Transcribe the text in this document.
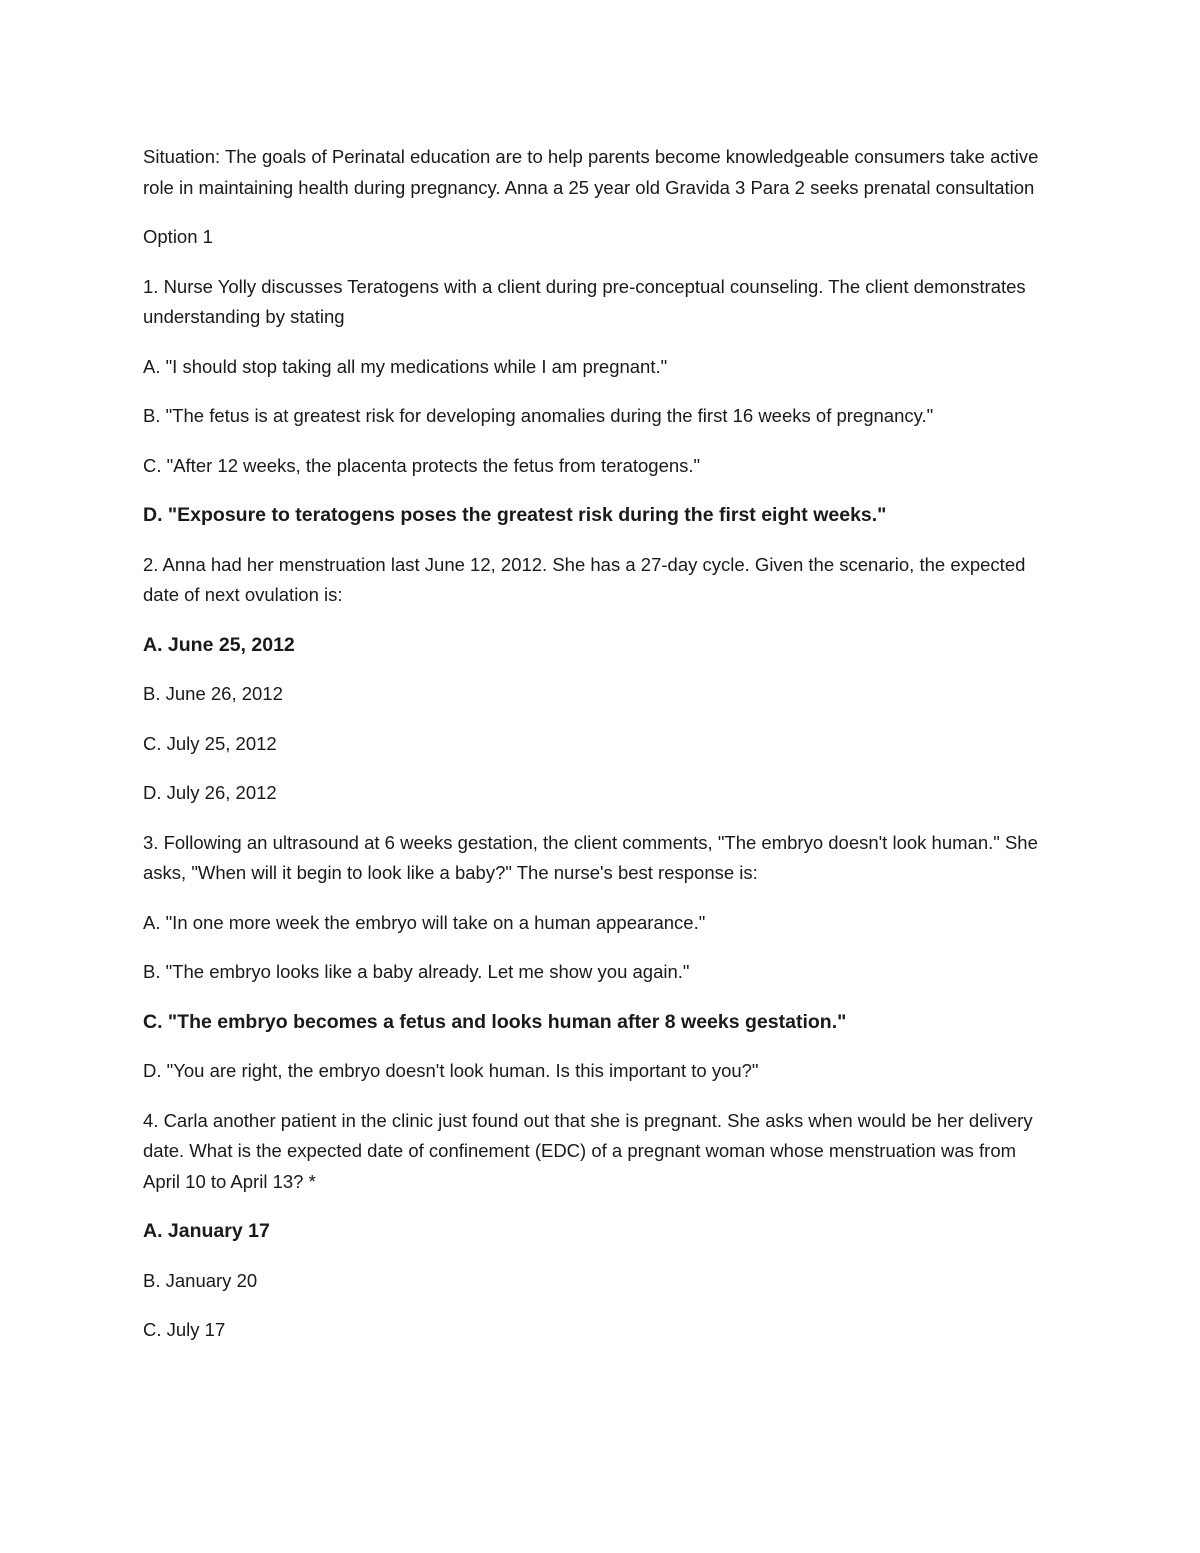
Situation: The goals of Perinatal education are to help parents become knowledgeable consumers take active role in maintaining health during pregnancy. Anna a 25 year old Gravida 3 Para 2 seeks prenatal consultation

Option 1

1. Nurse Yolly discusses Teratogens with a client during pre-conceptual counseling. The client demonstrates understanding by stating

A. "I should stop taking all my medications while I am pregnant."

B. "The fetus is at greatest risk for developing anomalies during the first 16 weeks of pregnancy."

C. "After 12 weeks, the placenta protects the fetus from teratogens."

D. "Exposure to teratogens poses the greatest risk during the first eight weeks."

2. Anna had her menstruation last June 12, 2012. She has a 27-day cycle. Given the scenario, the expected date of next ovulation is:

A. June 25, 2012

B. June 26, 2012

C. July 25, 2012

D. July 26, 2012

3. Following an ultrasound at 6 weeks gestation, the client comments, "The embryo doesn't look human." She asks, "When will it begin to look like a baby?" The nurse's best response is:

A. "In one more week the embryo will take on a human appearance."

B. "The embryo looks like a baby already. Let me show you again."

C. "The embryo becomes a fetus and looks human after 8 weeks gestation."

D. "You are right, the embryo doesn't look human. Is this important to you?"

4. Carla another patient in the clinic just found out that she is pregnant. She asks when would be her delivery date. What is the expected date of confinement (EDC) of a pregnant woman whose menstruation was from April 10 to April 13? *

A. January 17

B. January 20

C. July 17
